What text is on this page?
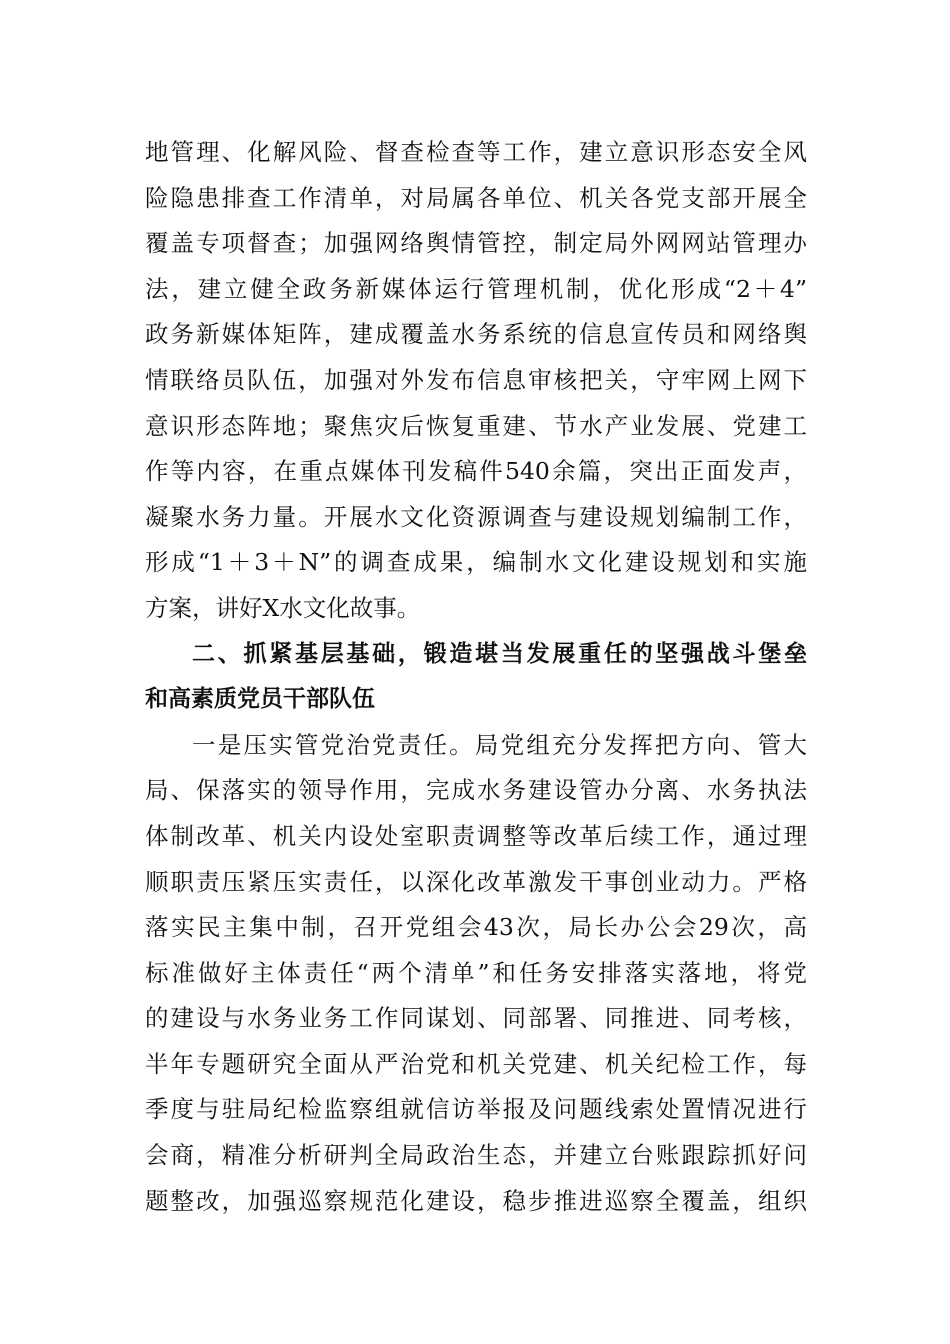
地管理、化解风险、督查检查等工作，建立意识形态安全风
险隐患排查工作清单，对局属各单位、机关各党支部开展全
覆盖专项督查；加强网络舆情管控，制定局外网网站管理办
法，建立健全政务新媒体运行管理机制，优化形成“2＋4”
政务新媒体矩阵，建成覆盖水务系统的信息宣传员和网络舆
情联络员队伍，加强对外发布信息审核把关，守牢网上网下
意识形态阵地；聚焦灾后恢复重建、节水产业发展、党建工
作等内容，在重点媒体刊发稿件540余篇，突出正面发声，
凝聚水务力量。开展水文化资源调查与建设规划编制工作，
形成“1＋3＋N”的调查成果，编制水文化建设规划和实施
方案，讲好X水文化故事。
二、抓紧基层基础，锻造堪当发展重任的坚强战斗堡垒
和高素质党员干部队伍
一是压实管党治党责任。局党组充分发挥把方向、管大
局、保落实的领导作用，完成水务建设管办分离、水务执法
体制改革、机关内设处室职责调整等改革后续工作，通过理
顺职责压紧压实责任，以深化改革激发干事创业动力。严格
落实民主集中制，召开党组会43次，局长办公会29次，高
标准做好主体责任“两个清单”和任务安排落实落地，将党
的建设与水务业务工作同谋划、同部署、同推进、同考核，
半年专题研究全面从严治党和机关党建、机关纪检工作，每
季度与驻局纪检监察组就信访举报及问题线索处置情况进行
会商，精准分析研判全局政治生态，并建立台账跟踪抓好问
题整改，加强巡察规范化建设，稳步推进巡察全覆盖，组织
